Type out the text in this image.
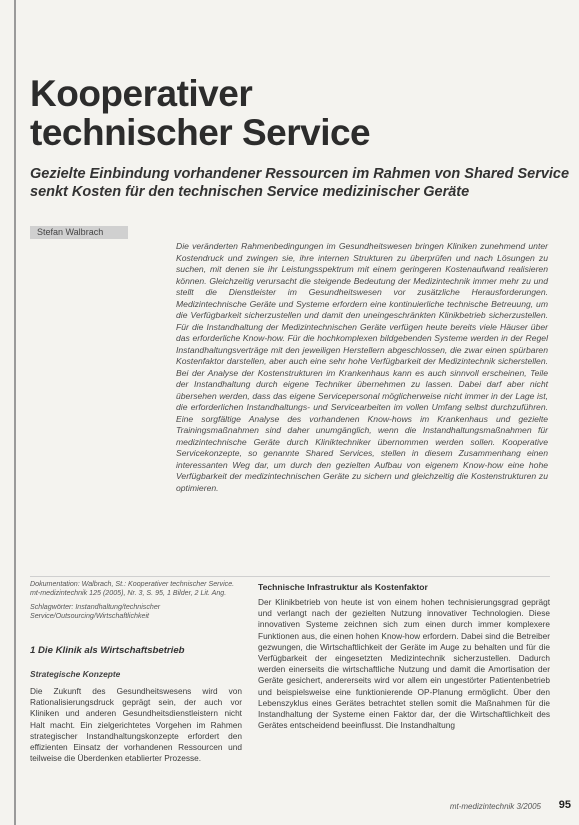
Kooperativer
technischer Service
Gezielte Einbindung vorhandener Ressourcen im Rahmen von Shared Service
senkt Kosten für den technischen Service medizinischer Geräte
Stefan Walbrach

Die veränderten Rahmenbedingungen im Gesundheitswesen bringen Kliniken zunehmend unter Kostendruck und zwingen sie, ihre internen Strukturen zu überprüfen und nach Lösungen zu suchen, mit denen sie ihr Leistungsspektrum mit einem geringeren Kostenaufwand realisieren können. Gleichzeitig verursacht die steigende Bedeutung der Medizintechnik immer mehr zu und stellt die Dienstleister im Gesundheitswesen vor zusätzliche Herausforderungen. Medizintechnische Geräte und Systeme erfordern eine kontinuierliche technische Betreuung, um die Verfügbarkeit sicherzustellen und damit den uneingeschränkten Klinikbetrieb sicherzustellen. Für die Instandhaltung der Medizintechnischen Geräte verfügen heute bereits viele Häuser über das erforderliche Know-how. Für die hochkomplexen bildgebenden Systeme werden in der Regel Instandhaltungsverträge mit den jeweiligen Herstellern abgeschlossen, die zwar einen spürbaren Kostenfaktor darstellen, aber auch eine sehr hohe Verfügbarkeit der Medizintechnik sicherstellen. Bei der Analyse der Kostenstrukturen im Krankenhaus kann es auch sinnvoll erscheinen, Teile der Instandhaltung durch eigene Techniker übernehmen zu lassen. Dabei darf aber nicht übersehen werden, dass das eigene Servicepersonal möglicherweise nicht immer in der Lage ist, die erforderlichen Instandhaltungs- und Servicearbeiten im vollen Umfang selbst durchzuführen. Eine sorgfältige Analyse des vorhandenen Know-hows im Krankenhaus und gezielte Trainingsmaßnahmen sind daher unumgänglich, wenn die Instandhaltungsmaßnahmen für medizintechnische Geräte durch Kliniktechniker übernommen werden sollen. Kooperative Servicekonzepte, so genannte Shared Services, stellen in diesem Zusammenhang einen interessanten Weg dar, um durch den gezielten Aufbau von eigenem Know-how eine hohe Verfügbarkeit der medizintechnischen Geräte zu sichern und gleichzeitig die Kostenstrukturen zu optimieren.

Dokumentation: Walbrach, St.: Kooperativer technischer Service. mt-medizintechnik 125 (2005), Nr. 3, S. 95, 1 Bilder, 2 Lit. Ang.

Schlagwörter: Instandhaltung/technischer Service/Outsourcing/Wirtschaftlichkeit

1 Die Klinik als Wirtschaftsbetrieb
Strategische Konzepte

Die Zukunft des Gesundheitswesens wird von Rationalisierungsdruck geprägt sein, der auch vor Kliniken und anderen Gesundheitsdienstleistern nicht Halt macht. Ein zielgerichtetes Vorgehen im Rahmen strategischer Instandhaltungskonzepte erfordert den effizienten Einsatz der vorhandenen Ressourcen und teilweise die Überdenken etablierter Prozesse.

Technische Infrastruktur als Kostenfaktor

Der Klinikbetrieb von heute ist von einem hohen technisierungsgrad geprägt und verlangt nach der gezielten Nutzung innovativer Technologien. Diese innovativen Systeme zeichnen sich zum einen durch immer komplexere Funktionen aus, die einen hohen Know-how erfordern. Dabei sind die Betreiber gezwungen, die Wirtschaftlichkeit der Geräte im Auge zu behalten und für die Verfügbarkeit der eingesetzten Medizintechnik sicherzustellen. Dadurch werden einerseits die wirtschaftliche Nutzung und damit die Amortisation der Geräte gesichert, andererseits wird vor allem ein ungestörter Patientenbetrieb und beispielsweise eine funktionierende OP-Planung ermöglicht. Über den Lebenszyklus eines Gerätes betrachtet stellen somit die Maßnahmen für die Instandhaltung der Systeme einen Faktor dar, der die Wirtschaftlichkeit des Gerätes entscheidend beeinflusst. Die Instandhaltung

mt-medizintechnik 3/2005 95
